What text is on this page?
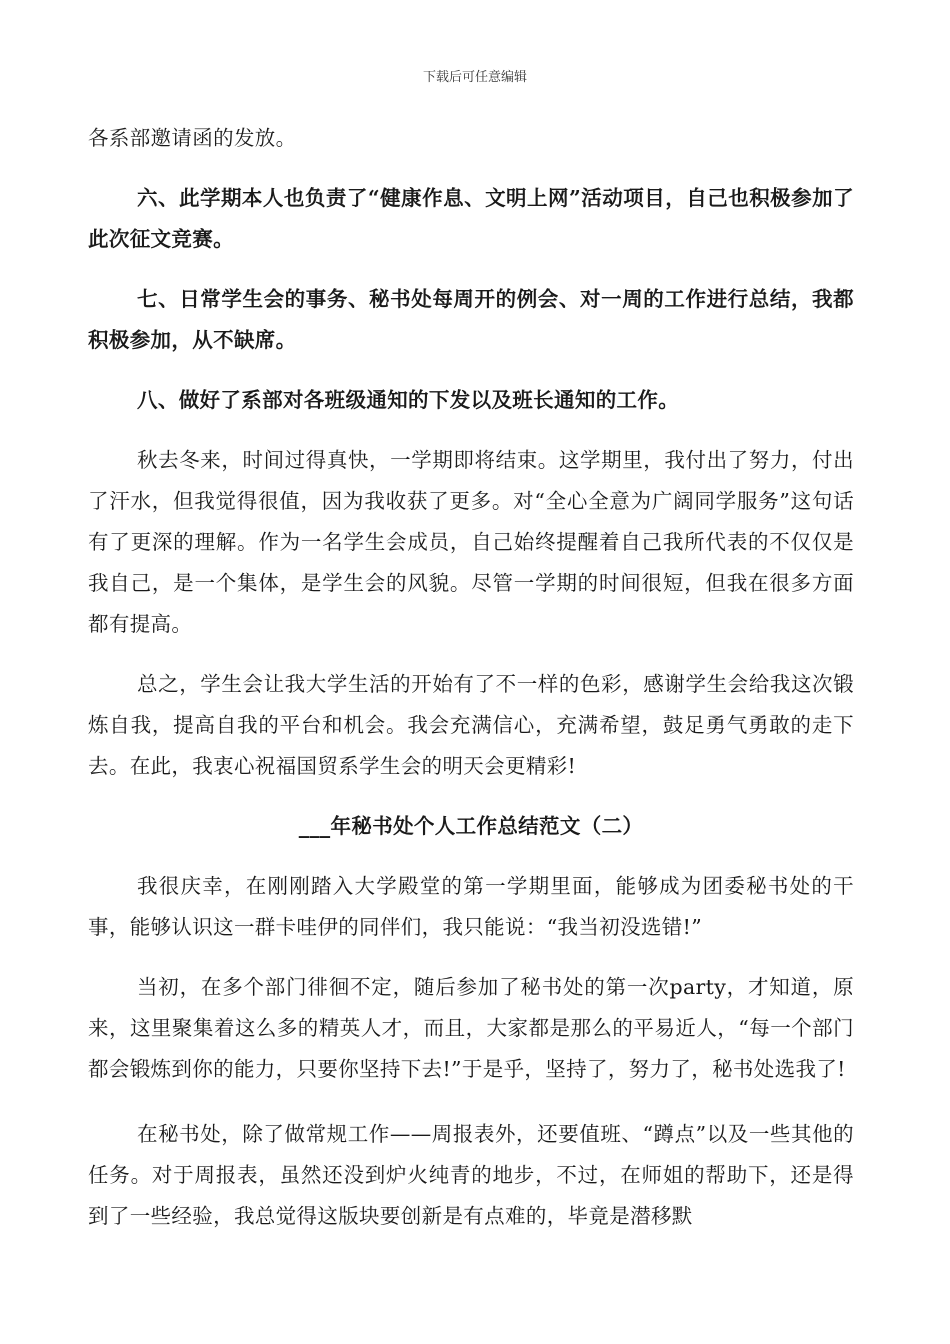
下载后可任意编辑

各系部邀请函的发放。

六、此学期本人也负责了“健康作息、文明上网”活动项目，自己也积极参加了此次征文竞赛。

七、日常学生会的事务、秘书处每周开的例会、对一周的工作进行总结，我都积极参加，从不缺席。

八、做好了系部对各班级通知的下发以及班长通知的工作。

秋去冬来，时间过得真快，一学期即将结束。这学期里，我付出了努力，付出了汗水，但我觉得很值，因为我收获了更多。对“全心全意为广阔同学服务”这句话有了更深的理解。作为一名学生会成员，自己始终提醒着自己我所代表的不仅仅是我自己，是一个集体，是学生会的风貌。尽管一学期的时间很短，但我在很多方面都有提高。

总之，学生会让我大学生活的开始有了不一样的色彩，感谢学生会给我这次锻炼自我，提高自我的平台和机会。我会充满信心，充满希望，鼓足勇气勇敢的走下去。在此，我衷心祝福国贸系学生会的明天会更精彩!

___年秘书处个人工作总结范文（二）

我很庆幸，在刚刚踏入大学殿堂的第一学期里面，能够成为团委秘书处的干事，能够认识这一群卡哇伊的同伴们，我只能说：“我当初没选错!”

当初，在多个部门徘徊不定，随后参加了秘书处的第一次party，才知道，原来，这里聚集着这么多的精英人才，而且，大家都是那么的平易近人，“每一个部门都会锻炼到你的能力，只要你坚持下去!”于是乎，坚持了，努力了，秘书处选我了!

在秘书处，除了做常规工作——周报表外，还要值班、“蹲点”以及一些其他的任务。对于周报表，虽然还没到炉火纯青的地步，不过，在师姐的帮助下，还是得到了一些经验，我总觉得这版块要创新是有点难的，毕竟是潜移默
